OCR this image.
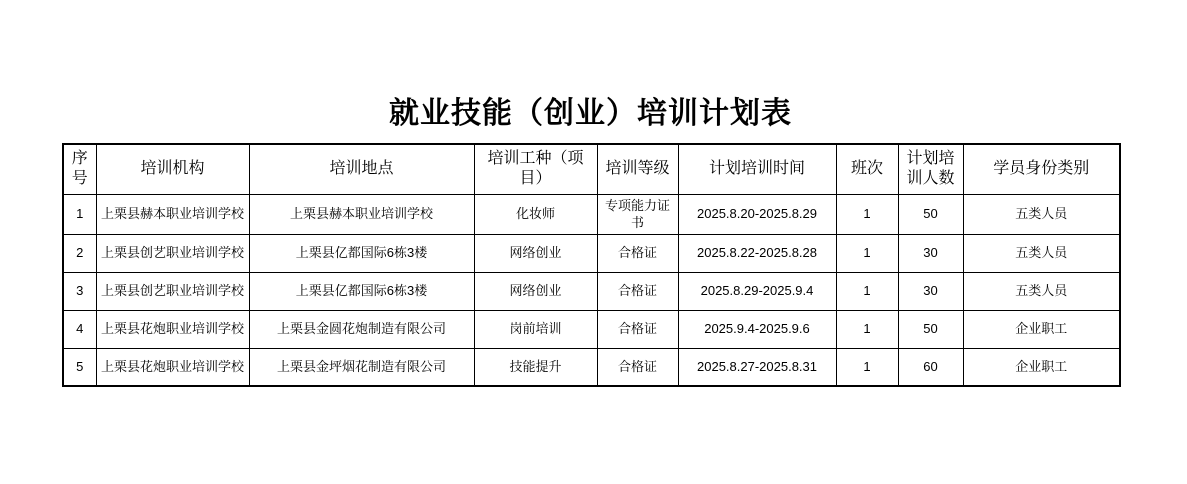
就业技能（创业）培训计划表
序号	培训机构	培训地点	培训工种（项目）	培训等级	计划培训时间	班次	计划培训人数	学员身份类别
1	上栗县赫本职业培训学校	上栗县赫本职业培训学校	化妆师	专项能力证书	2025.8.20-2025.8.29	1	50	五类人员
2	上栗县创艺职业培训学校	上栗县亿都国际6栋3楼	网络创业	合格证	2025.8.22-2025.8.28	1	30	五类人员
3	上栗县创艺职业培训学校	上栗县亿都国际6栋3楼	网络创业	合格证	2025.8.29-2025.9.4	1	30	五类人员
4	上栗县花炮职业培训学校	上栗县金圆花炮制造有限公司	岗前培训	合格证	2025.9.4-2025.9.6	1	50	企业职工
5	上栗县花炮职业培训学校	上栗县金坪烟花制造有限公司	技能提升	合格证	2025.8.27-2025.8.31	1	60	企业职工
